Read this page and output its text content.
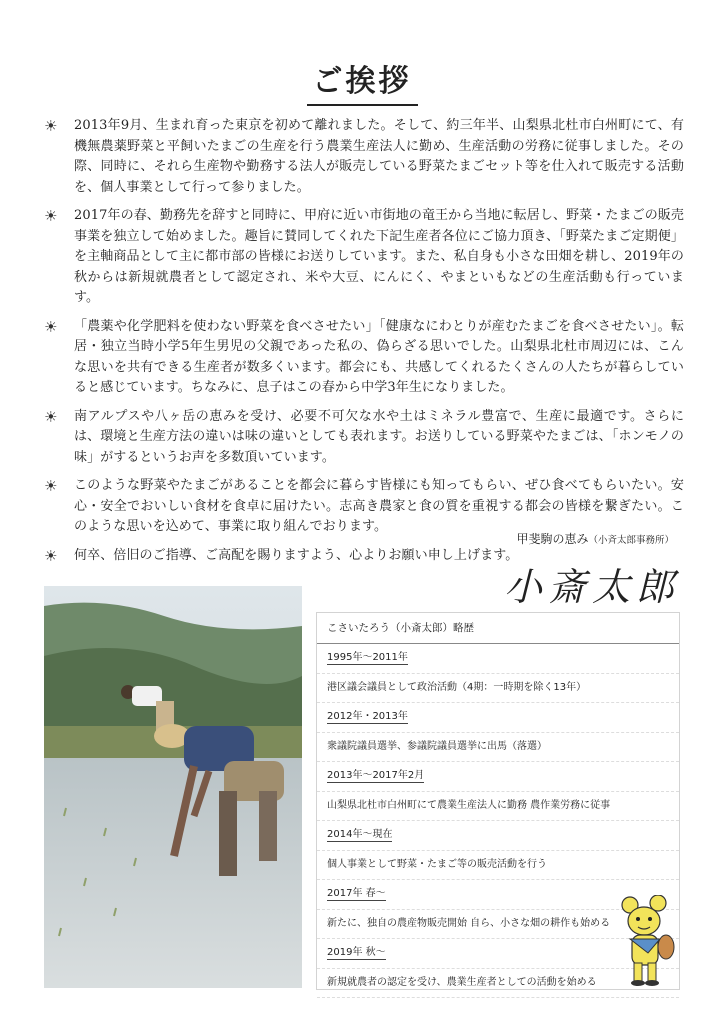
ご挨拶
☀	2013年9月、生まれ育った東京を初めて離れました。そして、約三年半、山梨県北杜市白州町にて、有機無農薬野菜と平飼いたまごの生産を行う農業生産法人に勤め、生産活動の労務に従事しました。その際、同時に、それら生産物や勤務する法人が販売している野菜たまごセット等を仕入れて販売する活動を、個人事業として行って参りました。
☀	2017年の春、勤務先を辞すと同時に、甲府に近い市街地の竜王から当地に転居し、野菜・たまごの販売事業を独立して始めました。趣旨に賛同してくれた下記生産者各位にご協力頂き、「野菜たまご定期便」を主軸商品として主に都市部の皆様にお送りしています。また、私自身も小さな田畑を耕し、2019年の秋からは新規就農者として認定され、米や大豆、にんにく、やまといもなどの生産活動も行っています。
☀	「農薬や化学肥料を使わない野菜を食べさせたい」「健康なにわとりが産むたまごを食べさせたい」。転居・独立当時小学5年生男児の父親であった私の、偽らざる思いでした。山梨県北杜市周辺には、こんな思いを共有できる生産者が数多くいます。都会にも、共感してくれるたくさんの人たちが暮らしていると感じています。ちなみに、息子はこの春から中学3年生になりました。
☀	南アルプスや八ヶ岳の恵みを受け、必要不可欠な水や土はミネラル豊富で、生産に最適です。さらには、環境と生産方法の違いは味の違いとしても表れます。お送りしている野菜やたまごは、「ホンモノの味」がするというお声を多数頂いています。
☀	このような野菜やたまごがあることを都会に暮らす皆様にも知ってもらい、ぜひ食べてもらいたい。安心・安全でおいしい食材を食卓に届けたい。志高き農家と食の質を重視する都会の皆様を繋ぎたい。このような思いを込めて、事業に取り組んでおります。
☀	何卒、倍旧のご指導、ご高配を賜りますよう、心よりお願い申し上げます。
甲斐駒の恵み（小斉太郎事務所）
小斎太郎
こさいたろう（小斎太郎）略歴
1995年～2011年
港区議会議員として政治活動（4期：一時期を除く13年）
2012年・2013年
衆議院議員選挙、参議院議員選挙に出馬（落選）
2013年～2017年2月
山梨県北杜市白州町にて農業生産法人に勤務 農作業労務に従事
2014年～現在
個人事業として野菜・たまご等の販売活動を行う
2017年 春～
新たに、独自の農産物販売開始 自ら、小さな畑の耕作も始める
2019年 秋～
新規就農者の認定を受け、農業生産者としての活動を始める
